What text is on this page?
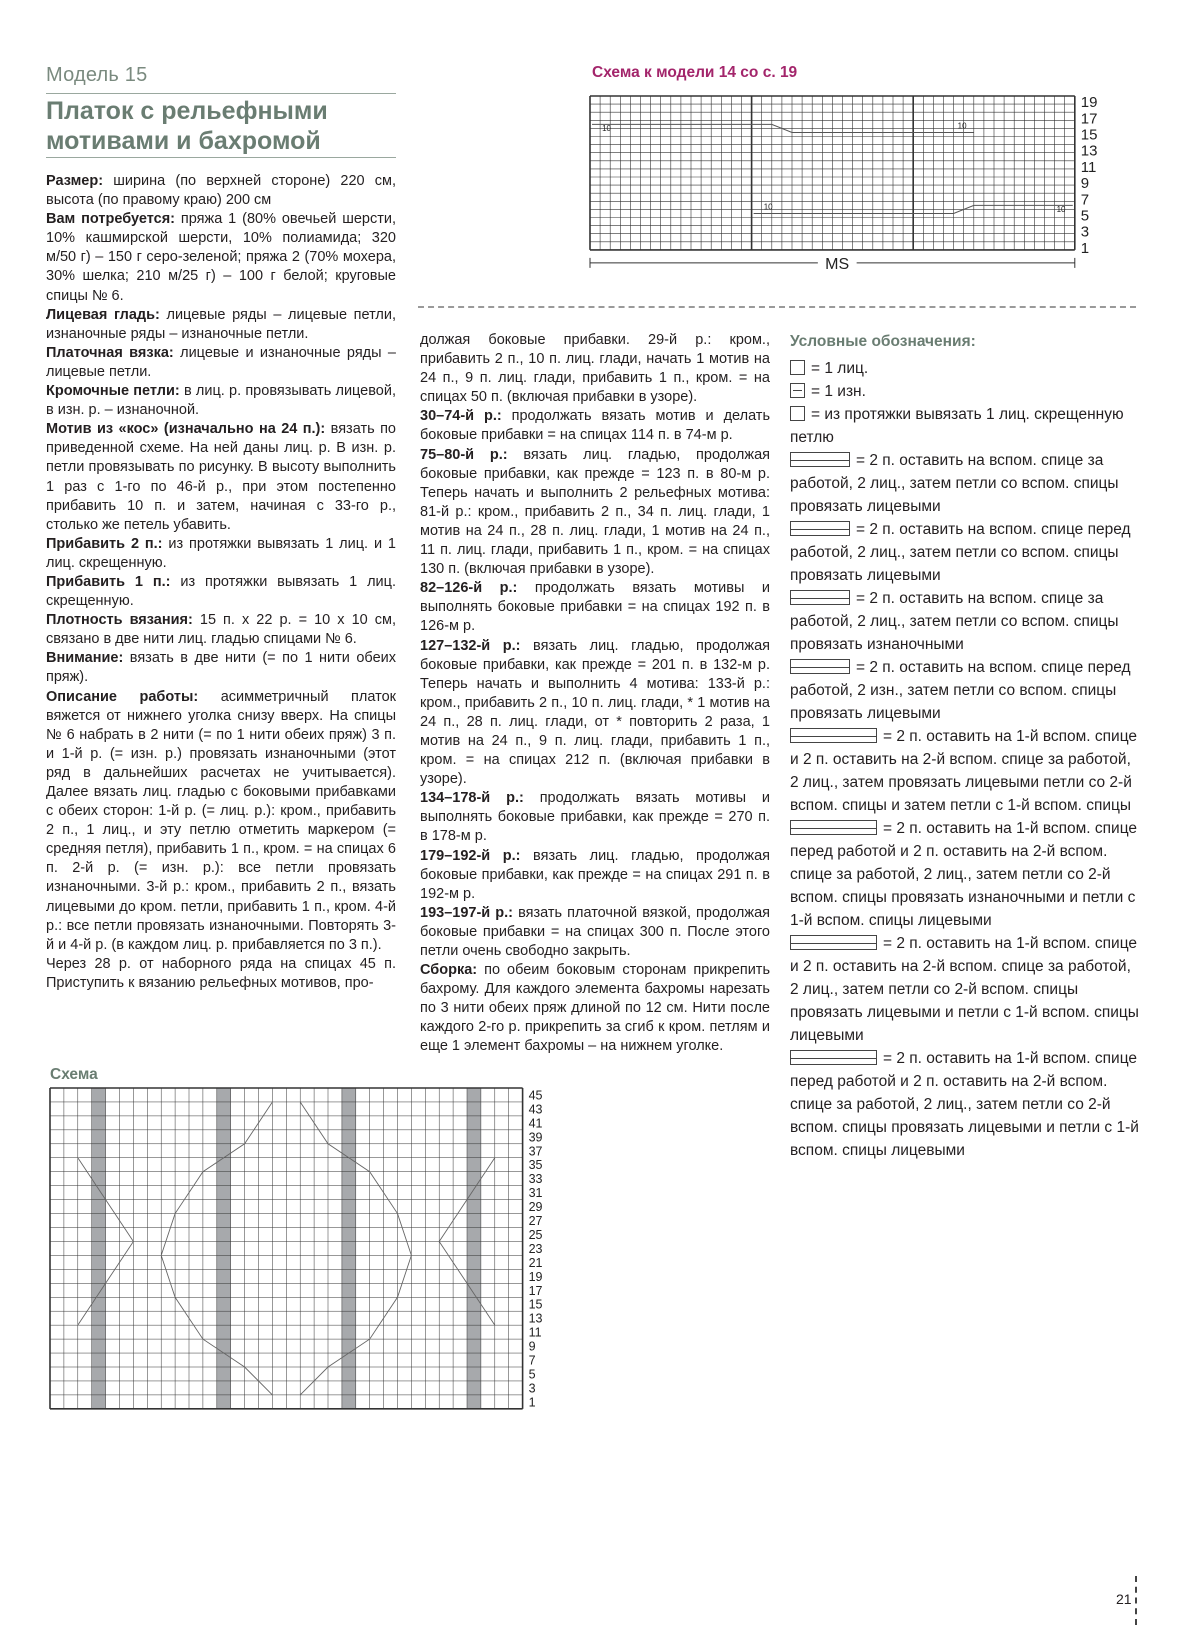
Модель 15
Платок с рельефными
мотивами и бахромой

Размер: ширина (по верхней стороне) 220 см, высота (по правому краю) 200 см

Вам потребуется: пряжа 1 (80% овечьей шерсти, 10% кашмирской шерсти, 10% полиамида; 320 м/50 г) – 150 г серо-зеленой; пряжа 2 (70% мохера, 30% шелка; 210 м/25 г) – 100 г белой; круговые спицы № 6.

Лицевая гладь: лицевые ряды – лицевые петли, изнаночные ряды – изнаночные петли.

Платочная вязка: лицевые и изнаночные ряды – лицевые петли.

Кромочные петли: в лиц. р. провязывать лицевой, в изн. р. – изнаночной.

Мотив из «кос» (изначально на 24 п.): вязать по приведенной схеме. На ней даны лиц. р. В изн. р. петли провязывать по рисунку. В высоту выполнить 1 раз с 1-го по 46-й р., при этом постепенно прибавить 10 п. и затем, начиная с 33-го р., столько же петель убавить.

Прибавить 2 п.: из протяжки вывязать 1 лиц. и 1 лиц. скрещенную.

Прибавить 1 п.: из протяжки вывязать 1 лиц. скрещенную.

Плотность вязания: 15 п. x 22 р. = 10 x 10 см, связано в две нити лиц. гладью спицами № 6.

Внимание: вязать в две нити (= по 1 нити обеих пряж).

Описание работы: асимметричный платок вяжется от нижнего уголка снизу вверх. На спицы № 6 набрать в 2 нити (= по 1 нити обеих пряж) 3 п. и 1-й р. (= изн. р.) провязать изнаночными (этот ряд в дальнейших расчетах не учитывается). Далее вязать лиц. гладью с боковыми прибавками с обеих сторон: 1-й р. (= лиц. р.): кром., прибавить 2 п., 1 лиц., и эту петлю отметить маркером (= средняя петля), прибавить 1 п., кром. = на спицах 6 п. 2-й р. (= изн. р.): все петли провязать изнаночными. 3-й р.: кром., прибавить 2 п., вязать лицевыми до кром. петли, прибавить 1 п., кром. 4-й р.: все петли провязать изнаночными. Повторять 3-й и 4-й р. (в каждом лиц. р. прибавляется по 3 п.).

Через 28 р. от наборного ряда на спицах 45 п. Приступить к вязанию рельефных мотивов, про-

должая боковые прибавки. 29-й р.: кром., прибавить 2 п., 10 п. лиц. глади, начать 1 мотив на 24 п., 9 п. лиц. глади, прибавить 1 п., кром. = на спицах 50 п. (включая прибавки в узоре).

30–74-й р.: продолжать вязать мотив и делать боковые прибавки = на спицах 114 п. в 74-м р.

75–80-й р.: вязать лиц. гладью, продолжая боковые прибавки, как прежде = 123 п. в 80-м р. Теперь начать и выполнить 2 рельефных мотива: 81-й р.: кром., прибавить 2 п., 34 п. лиц. глади, 1 мотив на 24 п., 28 п. лиц. глади, 1 мотив на 24 п., 11 п. лиц. глади, прибавить 1 п., кром. = на спицах 130 п. (включая прибавки в узоре).

82–126-й р.: продолжать вязать мотивы и выполнять боковые прибавки = на спицах 192 п. в 126-м р.

127–132-й р.: вязать лиц. гладью, продолжая боковые прибавки, как прежде = 201 п. в 132-м р. Теперь начать и выполнить 4 мотива: 133-й р.: кром., прибавить 2 п., 10 п. лиц. глади, * 1 мотив на 24 п., 28 п. лиц. глади, от * повторить 2 раза, 1 мотив на 24 п., 9 п. лиц. глади, прибавить 1 п., кром. = на спицах 212 п. (включая прибавки в узоре).

134–178-й р.: продолжать вязать мотивы и выполнять боковые прибавки, как прежде = 270 п. в 178-м р.

179–192-й р.: вязать лиц. гладью, продолжая боковые прибавки, как прежде = на спицах 291 п. в 192-м р.

193–197-й р.: вязать платочной вязкой, продолжая боковые прибавки = на спицах 300 п. После этого петли очень свободно закрыть.

Сборка: по обеим боковым сторонам прикрепить бахрому. Для каждого элемента бахромы нарезать по 3 нити обеих пряж длиной по 12 см. Нити после каждого 2-го р. прикрепить за сгиб к кром. петлям и еще 1 элемент бахромы – на нижнем уголке.

Схема к модели 14 со с. 19
10	10
10	10
19
17
15
13
11
9
7
5
3
1
MS
Условные обозначения:
= 1 лиц.
= 1 изн.
= из протяжки вывязать 1 лиц. скрещенную петлю
= 2 п. оставить на вспом. спице за работой, 2 лиц., затем петли со вспом. спицы провязать лицевыми
= 2 п. оставить на вспом. спице перед работой, 2 лиц., затем петли со вспом. спицы провязать лицевыми
= 2 п. оставить на вспом. спице за работой, 2 лиц., затем петли со вспом. спицы провязать изнаночными
= 2 п. оставить на вспом. спице перед работой, 2 изн., затем петли со вспом. спицы провязать лицевыми
= 2 п. оставить на 1-й вспом. спице и 2 п. оставить на 2-й вспом. спице за работой, 2 лиц., затем провязать лицевыми петли со 2-й вспом. спицы и затем петли с 1-й вспом. спицы
= 2 п. оставить на 1-й вспом. спице перед работой и 2 п. оставить на 2-й вспом. спице за работой, 2 лиц., затем петли со 2-й вспом. спицы провязать изнаночными и петли с 1-й вспом. спицы лицевыми
= 2 п. оставить на 1-й вспом. спице и 2 п. оставить на 2-й вспом. спице за работой, 2 лиц., затем петли со 2-й вспом. спицы провязать лицевыми и петли с 1-й вспом. спицы лицевыми
= 2 п. оставить на 1-й вспом. спице перед работой и 2 п. оставить на 2-й вспом. спице за работой, 2 лиц., затем петли со 2-й вспом. спицы провязать лицевыми и петли с 1-й вспом. спицы лицевыми
Схема
45
43
41
39
37
35
33
31
29
27
25
23
21
19
17
15
13
11
9
7
5
3
1
21
